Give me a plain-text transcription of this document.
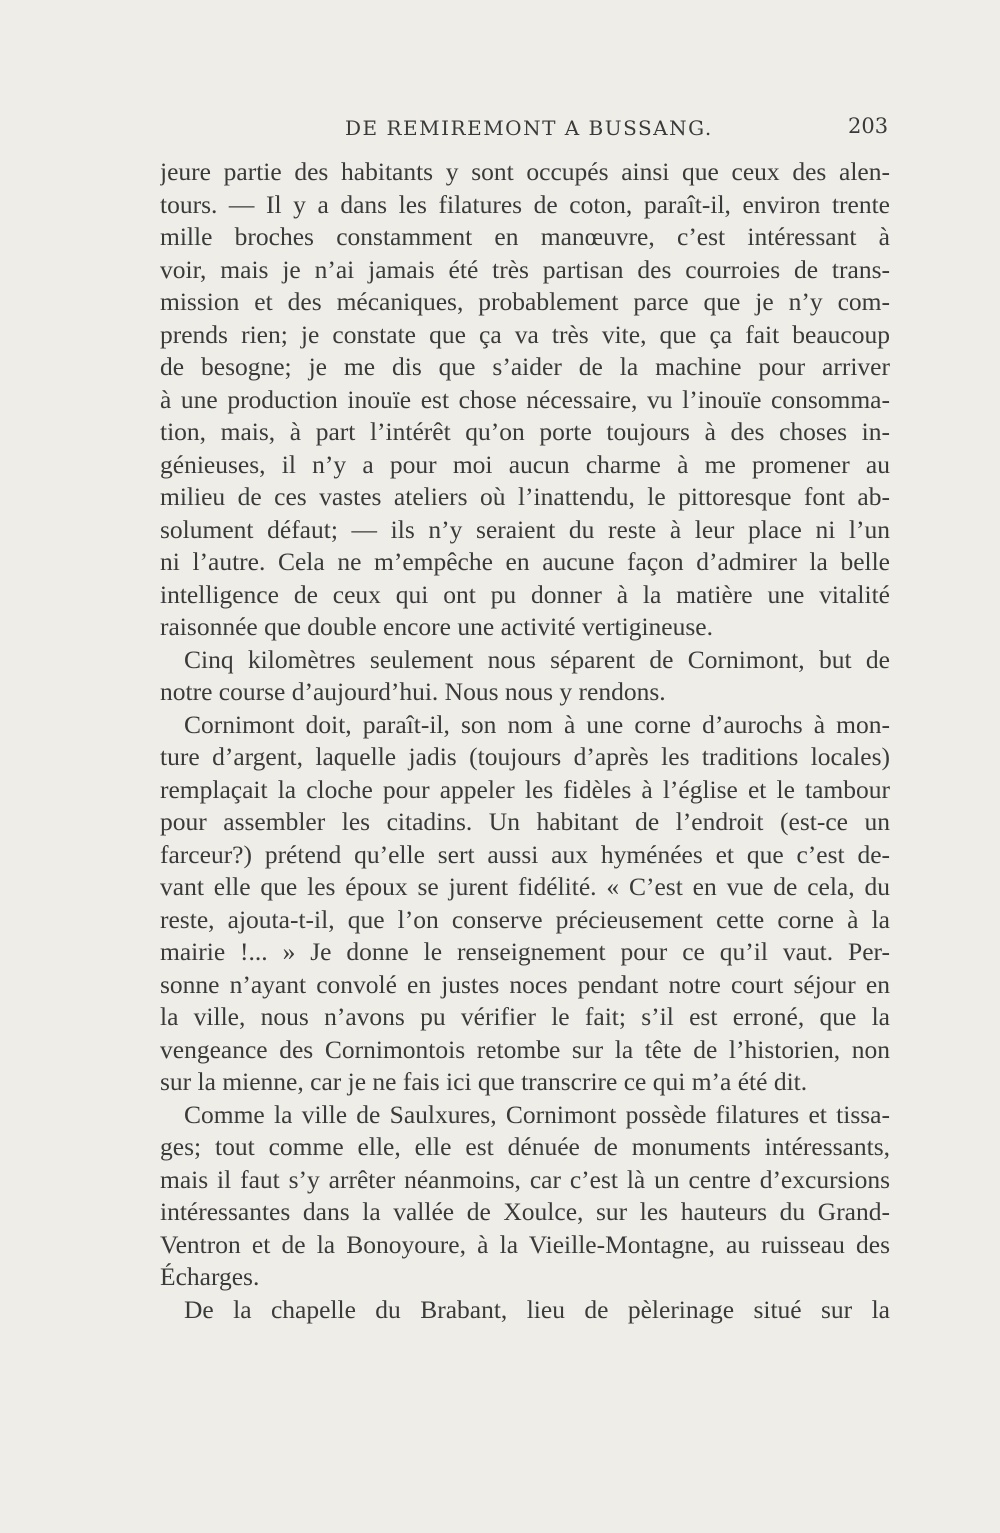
DE REMIREMONT A BUSSANG.	203
jeure partie des habitants y sont occupés ainsi que ceux des alen-
tours. — Il y a dans les filatures de coton, paraît-il, environ trente
mille broches constamment en manœuvre, c’est intéressant à
voir, mais je n’ai jamais été très partisan des courroies de trans-
mission et des mécaniques, probablement parce que je n’y com-
prends rien; je constate que ça va très vite, que ça fait beaucoup
de besogne; je me dis que s’aider de la machine pour arriver
à une production inouïe est chose nécessaire, vu l’inouïe consomma-
tion, mais, à part l’intérêt qu’on porte toujours à des choses in-
génieuses, il n’y a pour moi aucun charme à me promener au
milieu de ces vastes ateliers où l’inattendu, le pittoresque font ab-
solument défaut; — ils n’y seraient du reste à leur place ni l’un
ni l’autre. Cela ne m’empêche en aucune façon d’admirer la belle
intelligence de ceux qui ont pu donner à la matière une vitalité
raisonnée que double encore une activité vertigineuse.
Cinq kilomètres seulement nous séparent de Cornimont, but de
notre course d’aujourd’hui. Nous nous y rendons.
Cornimont doit, paraît-il, son nom à une corne d’aurochs à mon-
ture d’argent, laquelle jadis (toujours d’après les traditions locales)
remplaçait la cloche pour appeler les fidèles à l’église et le tambour
pour assembler les citadins. Un habitant de l’endroit (est-ce un
farceur?) prétend qu’elle sert aussi aux hyménées et que c’est de-
vant elle que les époux se jurent fidélité. « C’est en vue de cela, du
reste, ajouta-t-il, que l’on conserve précieusement cette corne à la
mairie !... » Je donne le renseignement pour ce qu’il vaut. Per-
sonne n’ayant convolé en justes noces pendant notre court séjour en
la ville, nous n’avons pu vérifier le fait; s’il est erroné, que la
vengeance des Cornimontois retombe sur la tête de l’historien, non
sur la mienne, car je ne fais ici que transcrire ce qui m’a été dit.
Comme la ville de Saulxures, Cornimont possède filatures et tissa-
ges; tout comme elle, elle est dénuée de monuments intéressants,
mais il faut s’y arrêter néanmoins, car c’est là un centre d’excursions
intéressantes dans la vallée de Xoulce, sur les hauteurs du Grand-
Ventron et de la Bonoyoure, à la Vieille-Montagne, au ruisseau des
Écharges.
De la chapelle du Brabant, lieu de pèlerinage situé sur la
